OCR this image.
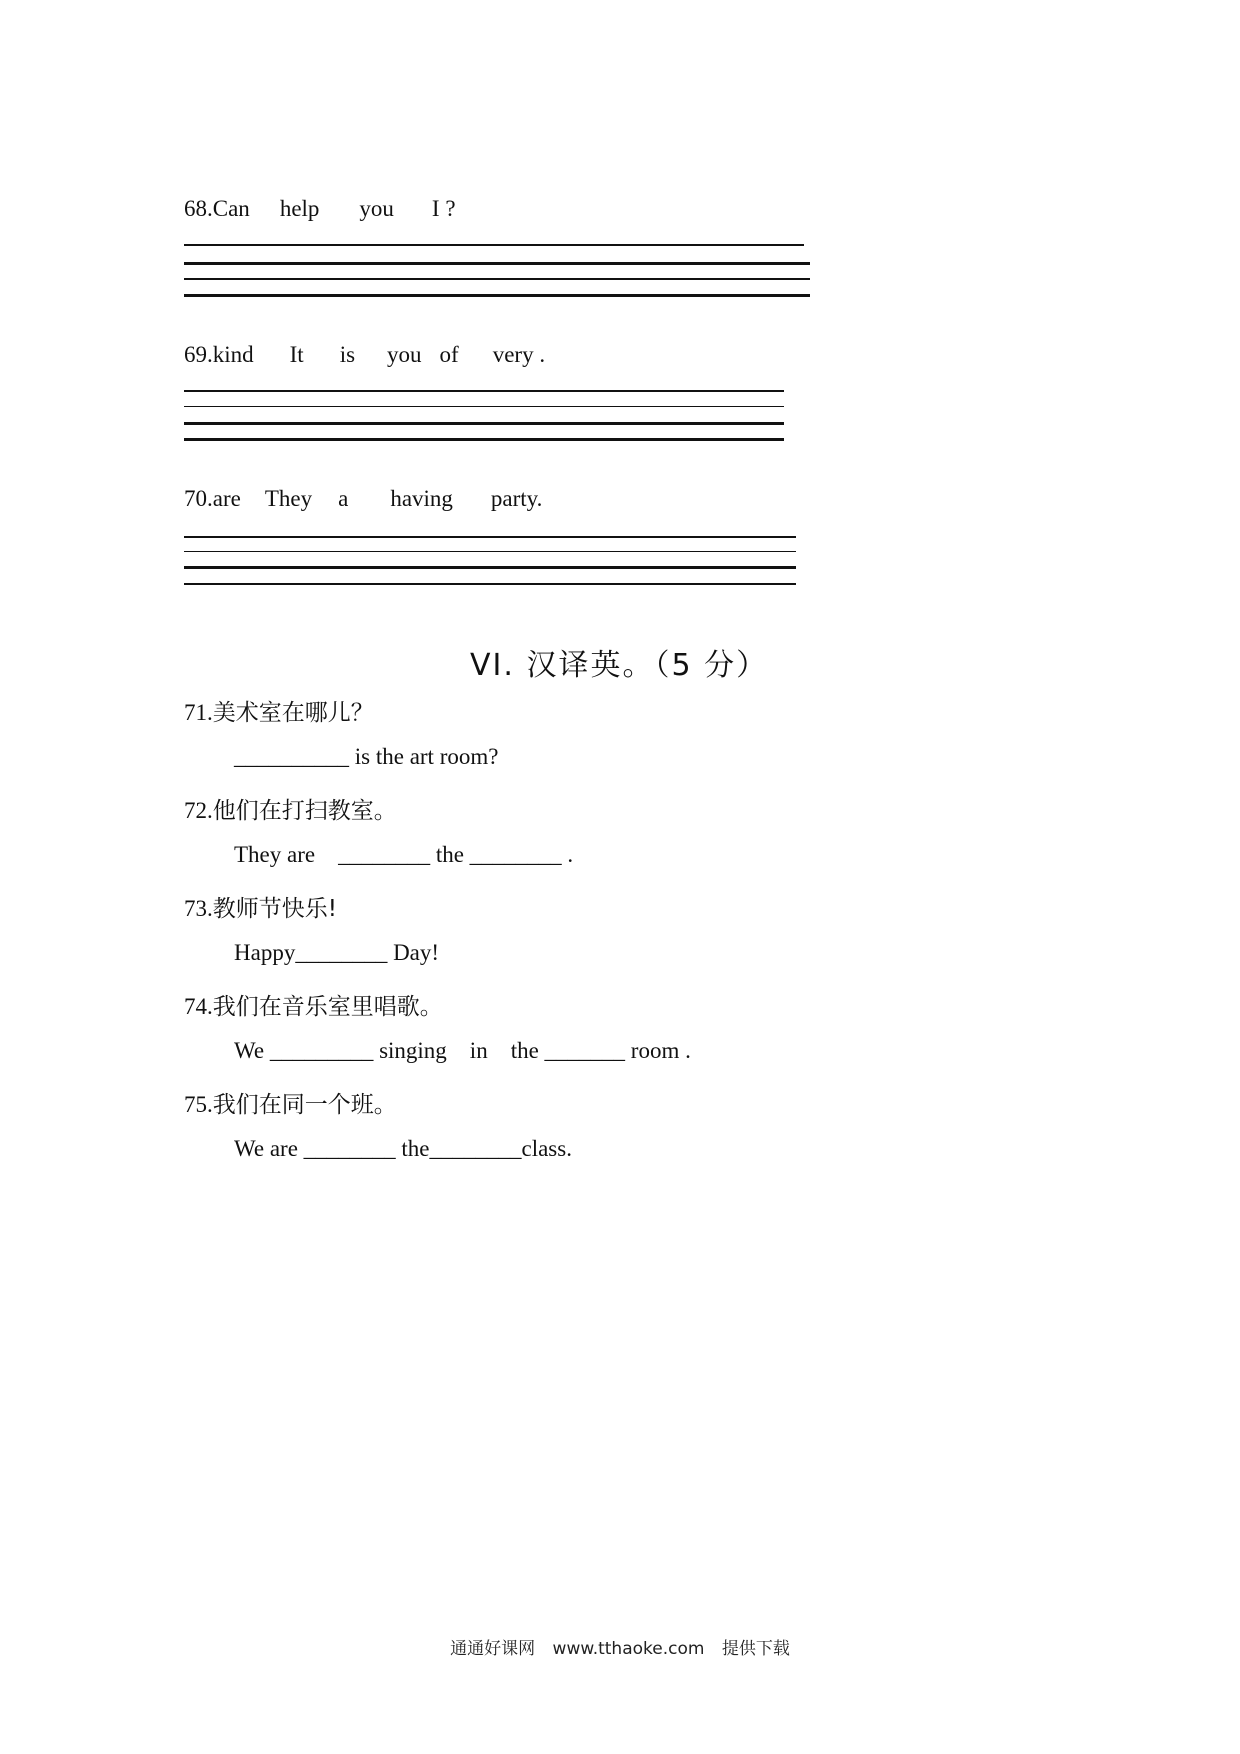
68.Can help you I ?
69.kind It is you of very .
70.are They a having party.
VI. 汉译英。（5 分）
71.美术室在哪儿？
__________ is the art room?
72.他们在打扫教室。
They are    ________ the ________ .
73.教师节快乐!
Happy________ Day!
74.我们在音乐室里唱歌。
We _________ singing    in    the _______ room .
75.我们在同一个班。
We are ________ the________class.
通通好课网 www.tthaoke.com 提供下载
